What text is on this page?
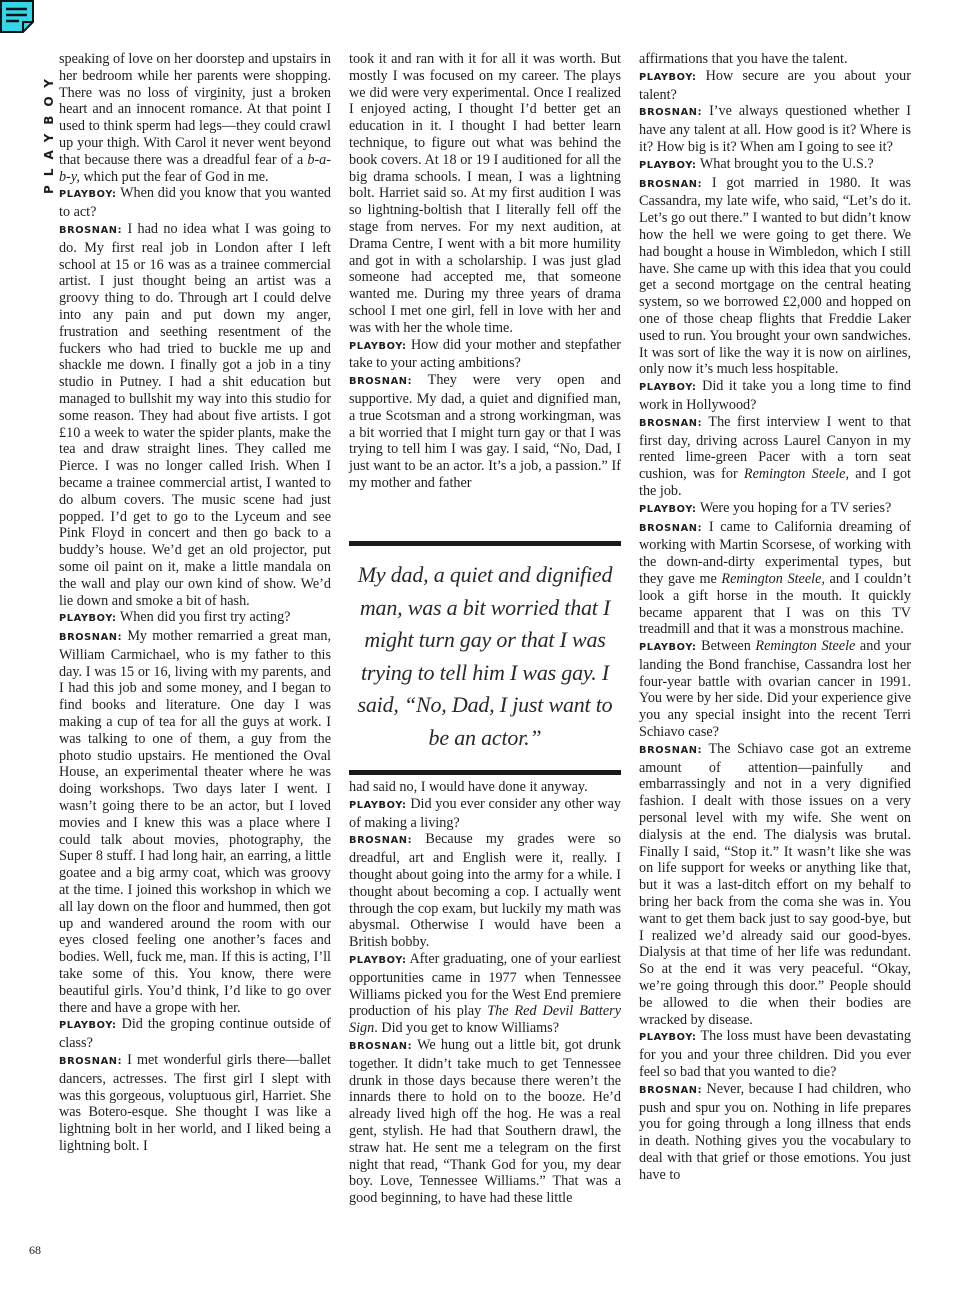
PLAYBOY

speaking of love on her doorstep and upstairs in her bedroom while her parents were shopping. There was no loss of virginity, just a broken heart and an innocent romance. At that point I used to think sperm had legs—they could crawl up your thigh. With Carol it never went beyond that because there was a dreadful fear of a b-a-b-y, which put the fear of God in me.

PLAYBOY: When did you know that you wanted to act?

BROSNAN: I had no idea what I was going to do. My first real job in London after I left school at 15 or 16 was as a trainee commercial artist. I just thought being an artist was a groovy thing to do. Through art I could delve into any pain and put down my anger, frustration and seething resentment of the fuckers who had tried to buckle me up and shackle me down. I finally got a job in a tiny studio in Putney. I had a shit education but managed to bullshit my way into this studio for some reason. They had about five artists. I got £10 a week to water the spider plants, make the tea and draw straight lines. They called me Pierce. I was no longer called Irish. When I became a trainee commercial artist, I wanted to do album covers. The music scene had just popped. I’d get to go to the Lyceum and see Pink Floyd in concert and then go back to a buddy’s house. We’d get an old projector, put some oil paint on it, make a little mandala on the wall and play our own kind of show. We’d lie down and smoke a bit of hash.

PLAYBOY: When did you first try acting?

BROSNAN: My mother remarried a great man, William Carmichael, who is my father to this day. I was 15 or 16, living with my parents, and I had this job and some money, and I began to find books and literature. One day I was making a cup of tea for all the guys at work. I was talking to one of them, a guy from the photo studio upstairs. He mentioned the Oval House, an experimental theater where he was doing workshops. Two days later I went. I wasn’t going there to be an actor, but I loved movies and I knew this was a place where I could talk about movies, photography, the Super 8 stuff. I had long hair, an earring, a little goatee and a big army coat, which was groovy at the time. I joined this workshop in which we all lay down on the floor and hummed, then got up and wandered around the room with our eyes closed feeling one another’s faces and bodies. Well, fuck me, man. If this is acting, I’ll take some of this. You know, there were beautiful girls. You’d think, I’d like to go over there and have a grope with her.

PLAYBOY: Did the groping continue outside of class?

BROSNAN: I met wonderful girls there—ballet dancers, actresses. The first girl I slept with was this gorgeous, voluptuous girl, Harriet. She was Botero-esque. She thought I was like a lightning bolt in her world, and I liked being a lightning bolt. I

took it and ran with it for all it was worth. But mostly I was focused on my career. The plays we did were very experimental. Once I realized I enjoyed acting, I thought I’d better get an education in it. I thought I had better learn technique, to figure out what was behind the book covers. At 18 or 19 I auditioned for all the big drama schools. I mean, I was a lightning bolt. Harriet said so. At my first audition I was so lightning-boltish that I literally fell off the stage from nerves. For my next audition, at Drama Centre, I went with a bit more humility and got in with a scholarship. I was just glad someone had accepted me, that someone wanted me. During my three years of drama school I met one girl, fell in love with her and was with her the whole time.

PLAYBOY: How did your mother and stepfather take to your acting ambitions?

BROSNAN: They were very open and supportive. My dad, a quiet and dignified man, a true Scotsman and a strong workingman, was a bit worried that I might turn gay or that I was trying to tell him I was gay. I said, “No, Dad, I just want to be an actor. It’s a job, a passion.” If my mother and father

My dad, a quiet and dignified man, was a bit worried that I might turn gay or that I was trying to tell him I was gay. I said, “No, Dad, I just want to be an actor.”

had said no, I would have done it anyway.

PLAYBOY: Did you ever consider any other way of making a living?

BROSNAN: Because my grades were so dreadful, art and English were it, really. I thought about going into the army for a while. I thought about becoming a cop. I actually went through the cop exam, but luckily my math was abysmal. Otherwise I would have been a British bobby.

PLAYBOY: After graduating, one of your earliest opportunities came in 1977 when Tennessee Williams picked you for the West End premiere production of his play The Red Devil Battery Sign. Did you get to know Williams?

BROSNAN: We hung out a little bit, got drunk together. It didn’t take much to get Tennessee drunk in those days because there weren’t the innards there to hold on to the booze. He’d already lived high off the hog. He was a real gent, stylish. He had that Southern drawl, the straw hat. He sent me a telegram on the first night that read, “Thank God for you, my dear boy. Love, Tennessee Williams.” That was a good beginning, to have had these little

affirmations that you have the talent.

PLAYBOY: How secure are you about your talent?

BROSNAN: I’ve always questioned whether I have any talent at all. How good is it? Where is it? How big is it? When am I going to see it?

PLAYBOY: What brought you to the U.S.?

BROSNAN: I got married in 1980. It was Cassandra, my late wife, who said, “Let’s do it. Let’s go out there.” I wanted to but didn’t know how the hell we were going to get there. We had bought a house in Wimbledon, which I still have. She came up with this idea that you could get a second mortgage on the central heating system, so we borrowed £2,000 and hopped on one of those cheap flights that Freddie Laker used to run. You brought your own sandwiches. It was sort of like the way it is now on airlines, only now it’s much less hospitable.

PLAYBOY: Did it take you a long time to find work in Hollywood?

BROSNAN: The first interview I went to that first day, driving across Laurel Canyon in my rented lime-green Pacer with a torn seat cushion, was for Remington Steele, and I got the job.

PLAYBOY: Were you hoping for a TV series?

BROSNAN: I came to California dreaming of working with Martin Scorsese, of working with the down-and-dirty experimental types, but they gave me Remington Steele, and I couldn’t look a gift horse in the mouth. It quickly became apparent that I was on this TV treadmill and that it was a monstrous machine.

PLAYBOY: Between Remington Steele and your landing the Bond franchise, Cassandra lost her four-year battle with ovarian cancer in 1991. You were by her side. Did your experience give you any special insight into the recent Terri Schiavo case?

BROSNAN: The Schiavo case got an extreme amount of attention—painfully and embarrassingly and not in a very dignified fashion. I dealt with those issues on a very personal level with my wife. She went on dialysis at the end. The dialysis was brutal. Finally I said, “Stop it.” It wasn’t like she was on life support for weeks or anything like that, but it was a last-ditch effort on my behalf to bring her back from the coma she was in. You want to get them back just to say good-bye, but I realized we’d already said our good-byes. Dialysis at that time of her life was redundant. So at the end it was very peaceful. “Okay, we’re going through this door.” People should be allowed to die when their bodies are wracked by disease.

PLAYBOY: The loss must have been devastating for you and your three children. Did you ever feel so bad that you wanted to die?

BROSNAN: Never, because I had children, who push and spur you on. Nothing in life prepares you for going through a long illness that ends in death. Nothing gives you the vocabulary to deal with that grief or those emotions. You just have to

68
